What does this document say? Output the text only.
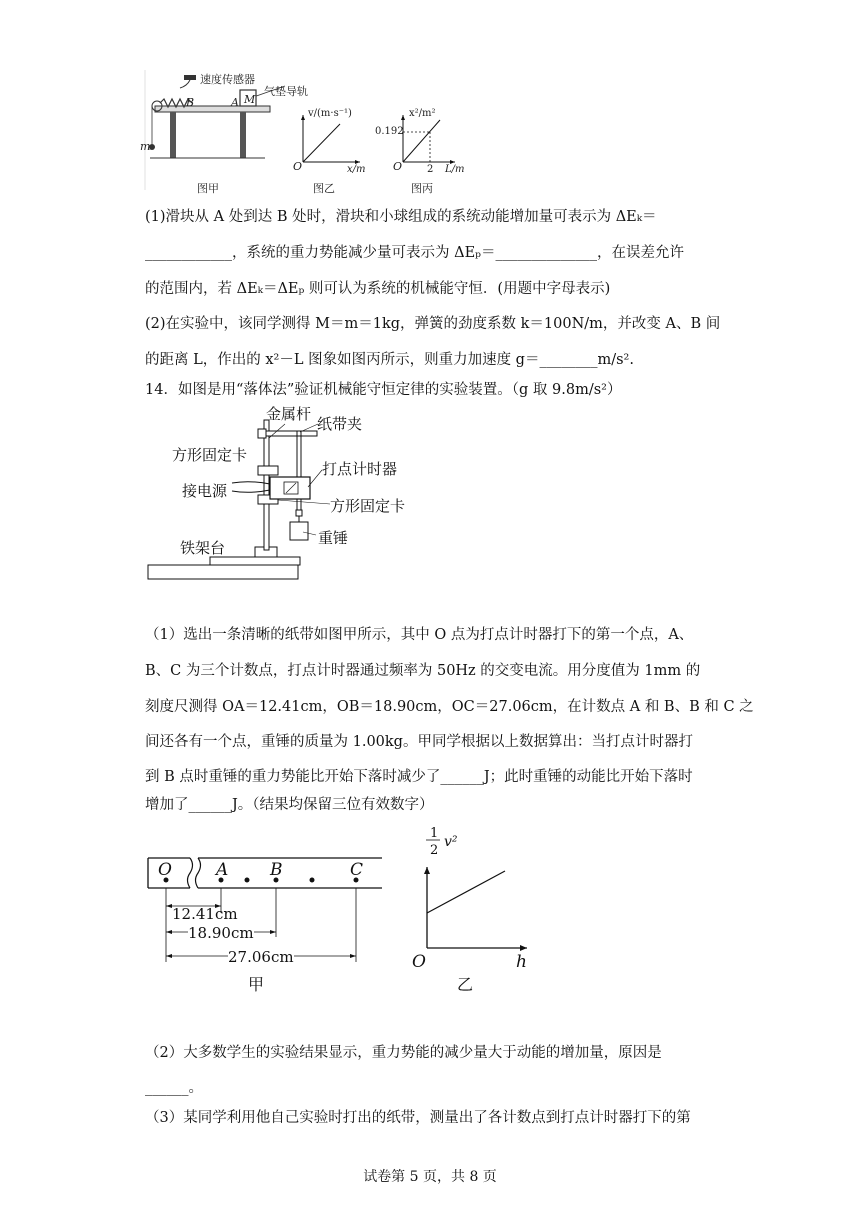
速度传感器
气垫导轨
B	A M
m
图甲
v/(m·s⁻¹)
x/m
O
图乙
x²/m²
L/m
O
0.192
2
图丙
(1)滑块从 A 处到达 B 处时，滑块和小球组成的系统动能增加量可表示为 ΔEₖ＝
____________，系统的重力势能减少量可表示为 ΔEₚ＝______________，在误差允许
的范围内，若 ΔEₖ＝ΔEₚ 则可认为系统的机械能守恒．(用题中字母表示)
(2)在实验中，该同学测得 M＝m＝1kg，弹簧的劲度系数 k＝100N/m，并改变 A、B 间
的距离 L，作出的 x²－L 图象如图丙所示，则重力加速度 g＝________m/s².
14．如图是用“落体法”验证机械能守恒定律的实验装置。（g 取 9.8m/s²）
金属杆
纸带夹
方形固定卡
打点计时器
接电源
方形固定卡
重锤
铁架台
（1）选出一条清晰的纸带如图甲所示，其中 O 点为打点计时器打下的第一个点，A、
B、C 为三个计数点，打点计时器通过频率为 50Hz 的交变电流。用分度值为 1mm 的
刻度尺测得 OA＝12.41cm，OB＝18.90cm，OC＝27.06cm，在计数点 A 和 B、B 和 C 之
间还各有一个点，重锤的质量为 1.00kg。甲同学根据以上数据算出：当打点计时器打
到 B 点时重锤的重力势能比开始下落时减少了______J；此时重锤的动能比开始下落时
增加了______J。（结果均保留三位有效数字）
O	A B	C
12.41cm
18.90cm
27.06cm
甲
1
2
v²
O	h
乙
（2）大多数学生的实验结果显示，重力势能的减少量大于动能的增加量，原因是
______。
（3）某同学利用他自己实验时打出的纸带，测量出了各计数点到打点计时器打下的第
试卷第 5 页，共 8 页
